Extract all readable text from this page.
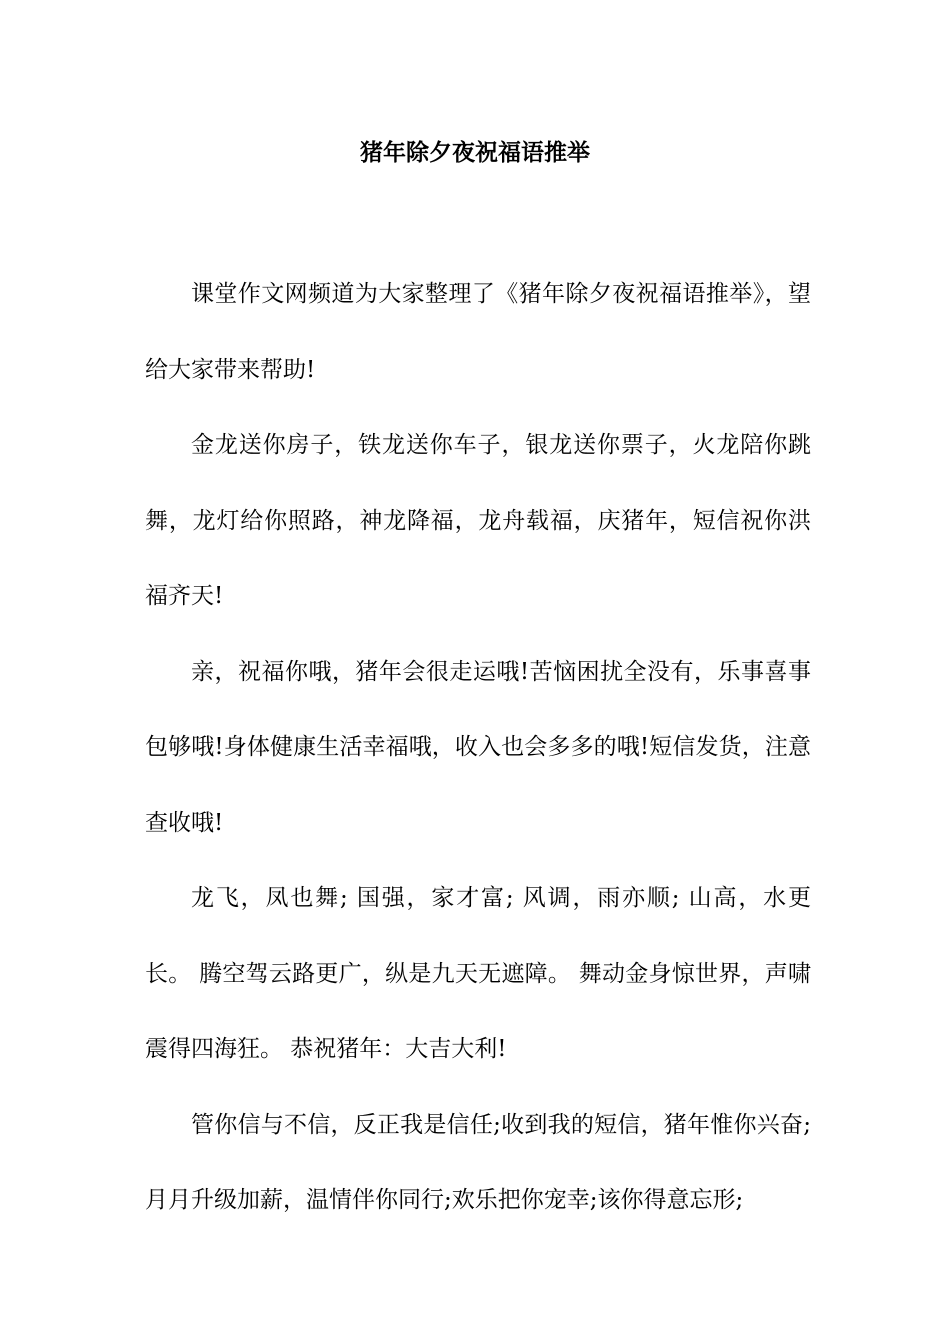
猪年除夕夜祝福语推举

课堂作文网频道为大家整理了《猪年除夕夜祝福语推举》，望给大家带来帮助!

金龙送你房子，铁龙送你车子，银龙送你票子，火龙陪你跳舞，龙灯给你照路，神龙降福，龙舟载福，庆猪年，短信祝你洪福齐天!

亲，祝福你哦，猪年会很走运哦!苦恼困扰全没有，乐事喜事包够哦!身体健康生活幸福哦，收入也会多多的哦!短信发货，注意查收哦!

龙飞，凤也舞; 国强，家才富; 风调，雨亦顺; 山高，水更长。 腾空驾云路更广，纵是九天无遮障。 舞动金身惊世界，声啸震得四海狂。 恭祝猪年：大吉大利!

管你信与不信，反正我是信任;收到我的短信，猪年惟你兴奋;月月升级加薪，温情伴你同行;欢乐把你宠幸;该你得意忘形;
